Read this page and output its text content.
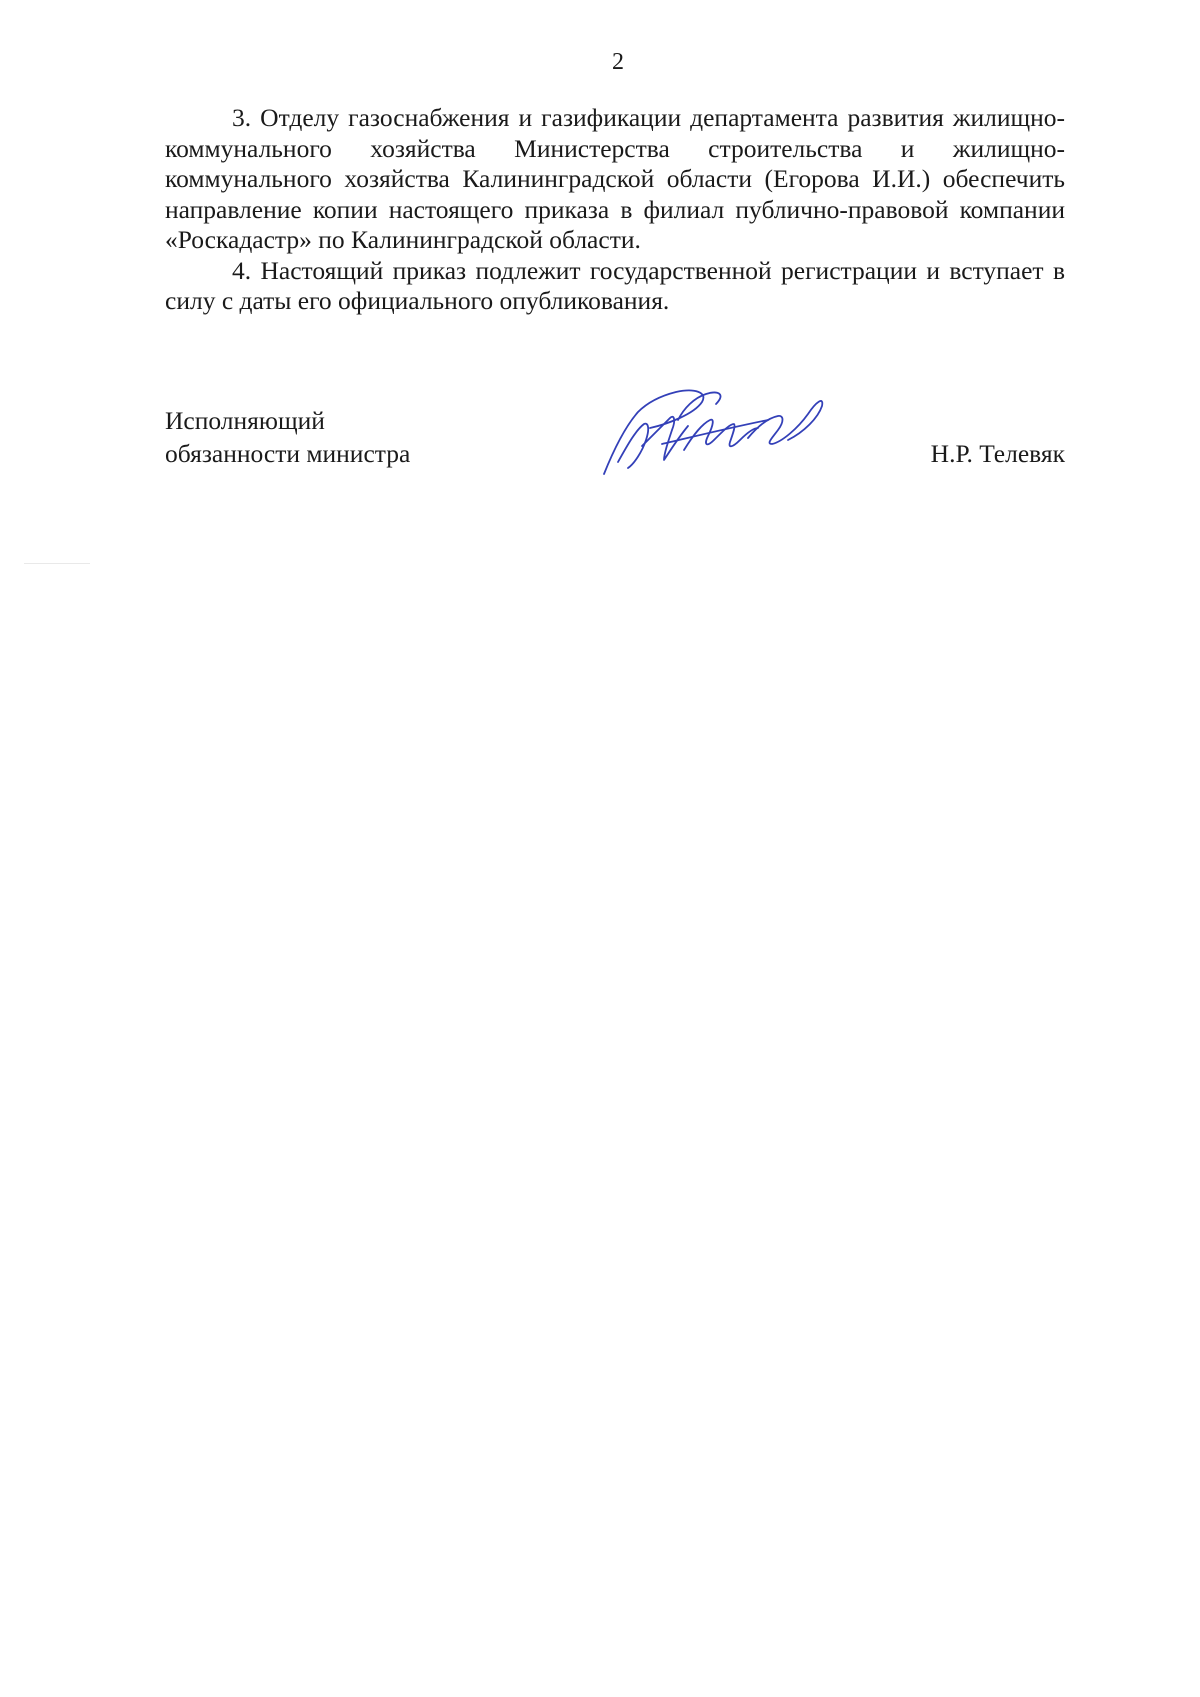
2

3. Отделу газоснабжения и газификации департамента развития жилищно-коммунального хозяйства Министерства строительства и жилищно-коммунального хозяйства Калининградской области (Егорова И.И.) обеспечить направление копии настоящего приказа в филиал публично-правовой компании «Роскадастр» по Калининградской области.

4. Настоящий приказ подлежит государственной регистрации и вступает в силу с даты его официального опубликования.

Исполняющий
обязанности министра	Н.Р. Телевяк
